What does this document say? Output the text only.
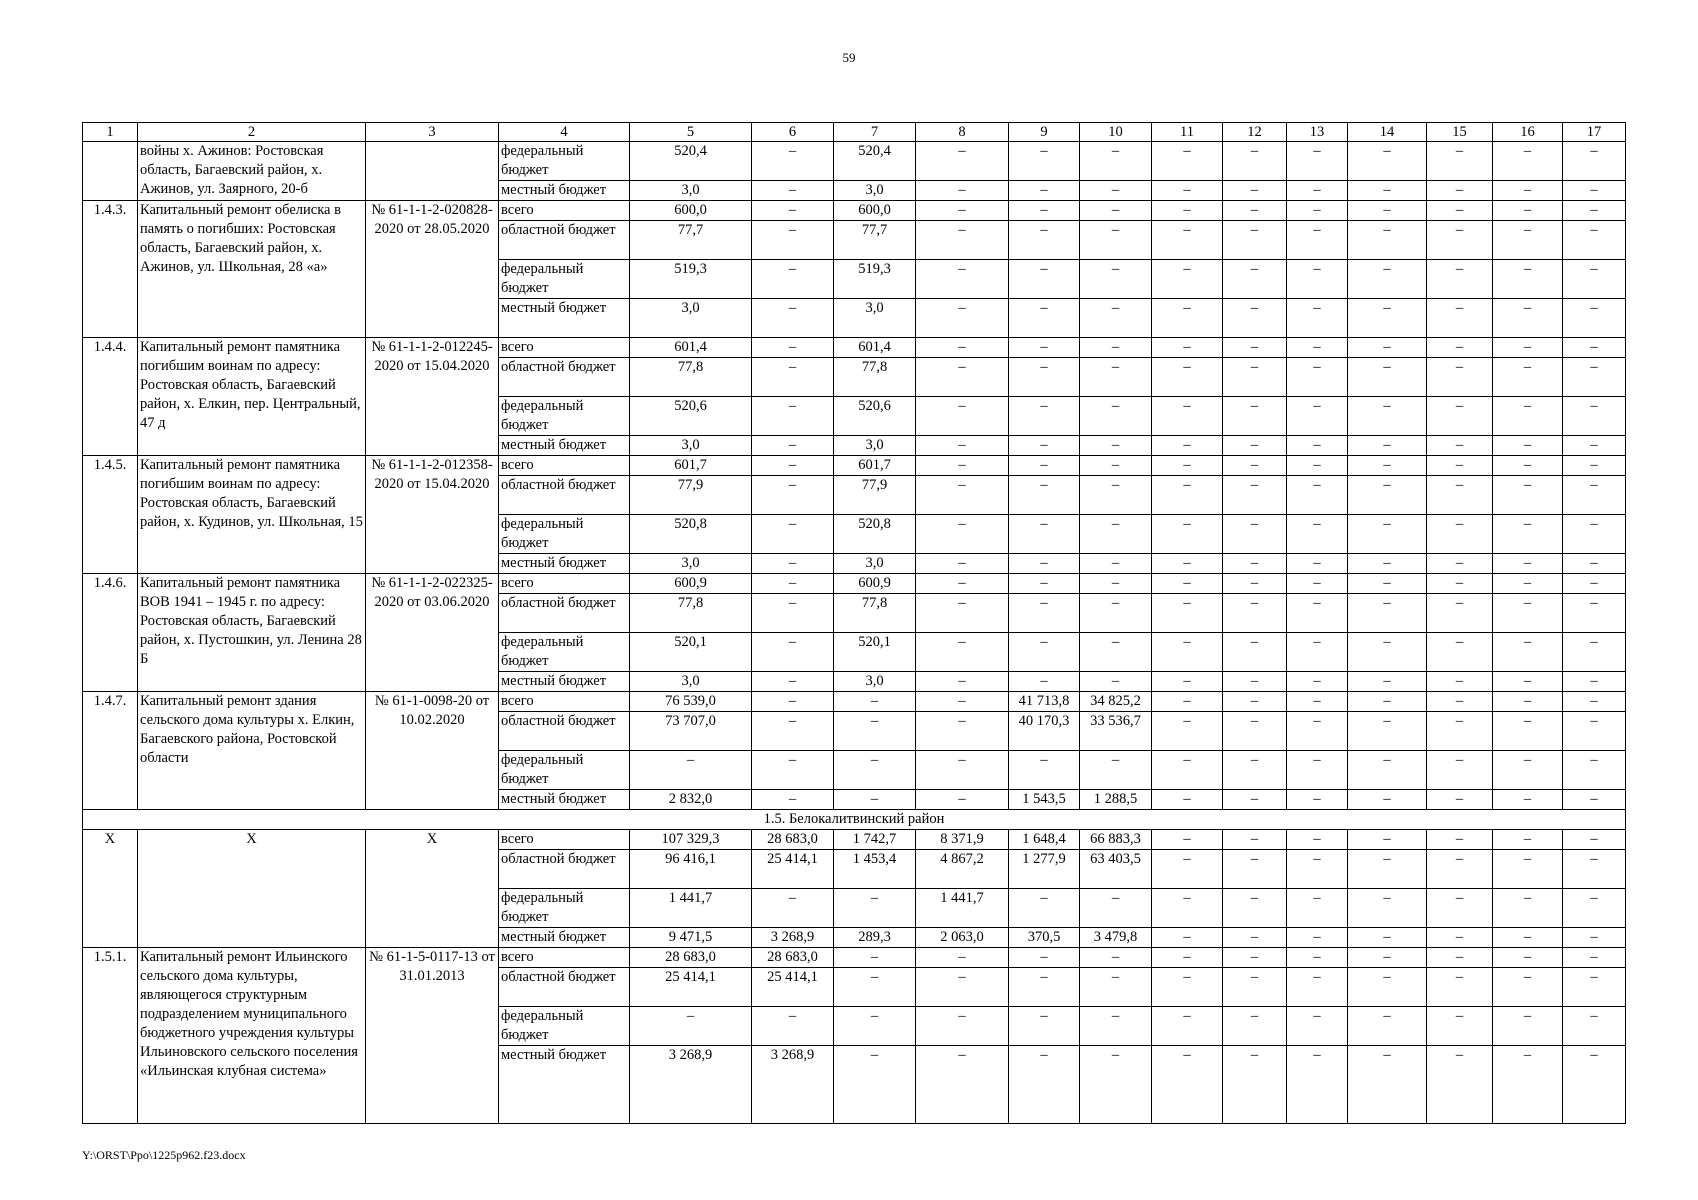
59
1	2	3	4	5	6	7	8	9	10	11	12	13	14	15	16	17
	войны х. Ажинов: Ростовская область, Багаевский район, х. Ажинов, ул. Заярного, 20-б		федеральный бюджет	520,4	–	520,4	–	–	–	–	–	–	–	–	–	–
			местный бюджет	3,0	–	3,0	–	–	–	–	–	–	–	–	–	–
1.4.3.	Капитальный ремонт обелиска в память о погибших: Ростовская область, Багаевский район, х. Ажинов, ул. Школьная, 28 «а»	№ 61-1-1-2-020828-2020 от 28.05.2020	всего	600,0	–	600,0	–	–	–	–	–	–	–	–	–	–
			областной бюджет	77,7	–	77,7	–	–	–	–	–	–	–	–	–	–
			федеральный бюджет	519,3	–	519,3	–	–	–	–	–	–	–	–	–	–
			местный бюджет	3,0	–	3,0	–	–	–	–	–	–	–	–	–	–
1.4.4.	Капитальный ремонт памятника погибшим воинам по адресу: Ростовская область, Багаевский район, х. Елкин, пер. Центральный, 47 д	№ 61-1-1-2-012245-2020 от 15.04.2020	всего	601,4	–	601,4	–	–	–	–	–	–	–	–	–	–
			областной бюджет	77,8	–	77,8	–	–	–	–	–	–	–	–	–	–
			федеральный бюджет	520,6	–	520,6	–	–	–	–	–	–	–	–	–	–
			местный бюджет	3,0	–	3,0	–	–	–	–	–	–	–	–	–	–
1.4.5.	Капитальный ремонт памятника погибшим воинам по адресу: Ростовская область, Багаевский район, х. Кудинов, ул. Школьная, 15	№ 61-1-1-2-012358-2020 от 15.04.2020	всего	601,7	–	601,7	–	–	–	–	–	–	–	–	–	–
			областной бюджет	77,9	–	77,9	–	–	–	–	–	–	–	–	–	–
			федеральный бюджет	520,8	–	520,8	–	–	–	–	–	–	–	–	–	–
			местный бюджет	3,0	–	3,0	–	–	–	–	–	–	–	–	–	–
1.4.6.	Капитальный ремонт памятника ВОВ 1941 – 1945 г. по адресу: Ростовская область, Багаевский район, х. Пустошкин, ул. Ленина 28 Б	№ 61-1-1-2-022325-2020 от 03.06.2020	всего	600,9	–	600,9	–	–	–	–	–	–	–	–	–	–
			областной бюджет	77,8	–	77,8	–	–	–	–	–	–	–	–	–	–
			федеральный бюджет	520,1	–	520,1	–	–	–	–	–	–	–	–	–	–
			местный бюджет	3,0	–	3,0	–	–	–	–	–	–	–	–	–	–
1.4.7.	Капитальный ремонт здания сельского дома культуры х. Елкин, Багаевского района, Ростовской области	№ 61-1-0098-20 от 10.02.2020	всего	76 539,0	–	–	–	41 713,8	34 825,2	–	–	–	–	–	–	–
			областной бюджет	73 707,0	–	–	–	40 170,3	33 536,7	–	–	–	–	–	–	–
			федеральный бюджет	–	–	–	–	–	–	–	–	–	–	–	–	–
			местный бюджет	2 832,0	–	–	–	1 543,5	1 288,5	–	–	–	–	–	–	–
1.5. Белокалитвинский район																
Х	Х	Х	всего	107 329,3	28 683,0	1 742,7	8 371,9	1 648,4	66 883,3	–	–	–	–	–	–	–
			областной бюджет	96 416,1	25 414,1	1 453,4	4 867,2	1 277,9	63 403,5	–	–	–	–	–	–	–
			федеральный бюджет	1 441,7	–	–	1 441,7	–	–	–	–	–	–	–	–	–
			местный бюджет	9 471,5	3 268,9	289,3	2 063,0	370,5	3 479,8	–	–	–	–	–	–	–
1.5.1.	Капитальный ремонт Ильинского сельского дома культуры, являющегося структурным подразделением муниципального бюджетного учреждения культуры Ильиновского сельского поселения «Ильинская клубная система»	№ 61-1-5-0117-13 от 31.01.2013	всего	28 683,0	28 683,0	–	–	–	–	–	–	–	–	–	–	–
			областной бюджет	25 414,1	25 414,1	–	–	–	–	–	–	–	–	–	–	–
			федеральный бюджет	–	–	–	–	–	–	–	–	–	–	–	–	–
			местный бюджет	3 268,9	3 268,9	–	–	–	–	–	–	–	–	–	–	–
Y:\ORST\Ppo\1225p962.f23.docx
